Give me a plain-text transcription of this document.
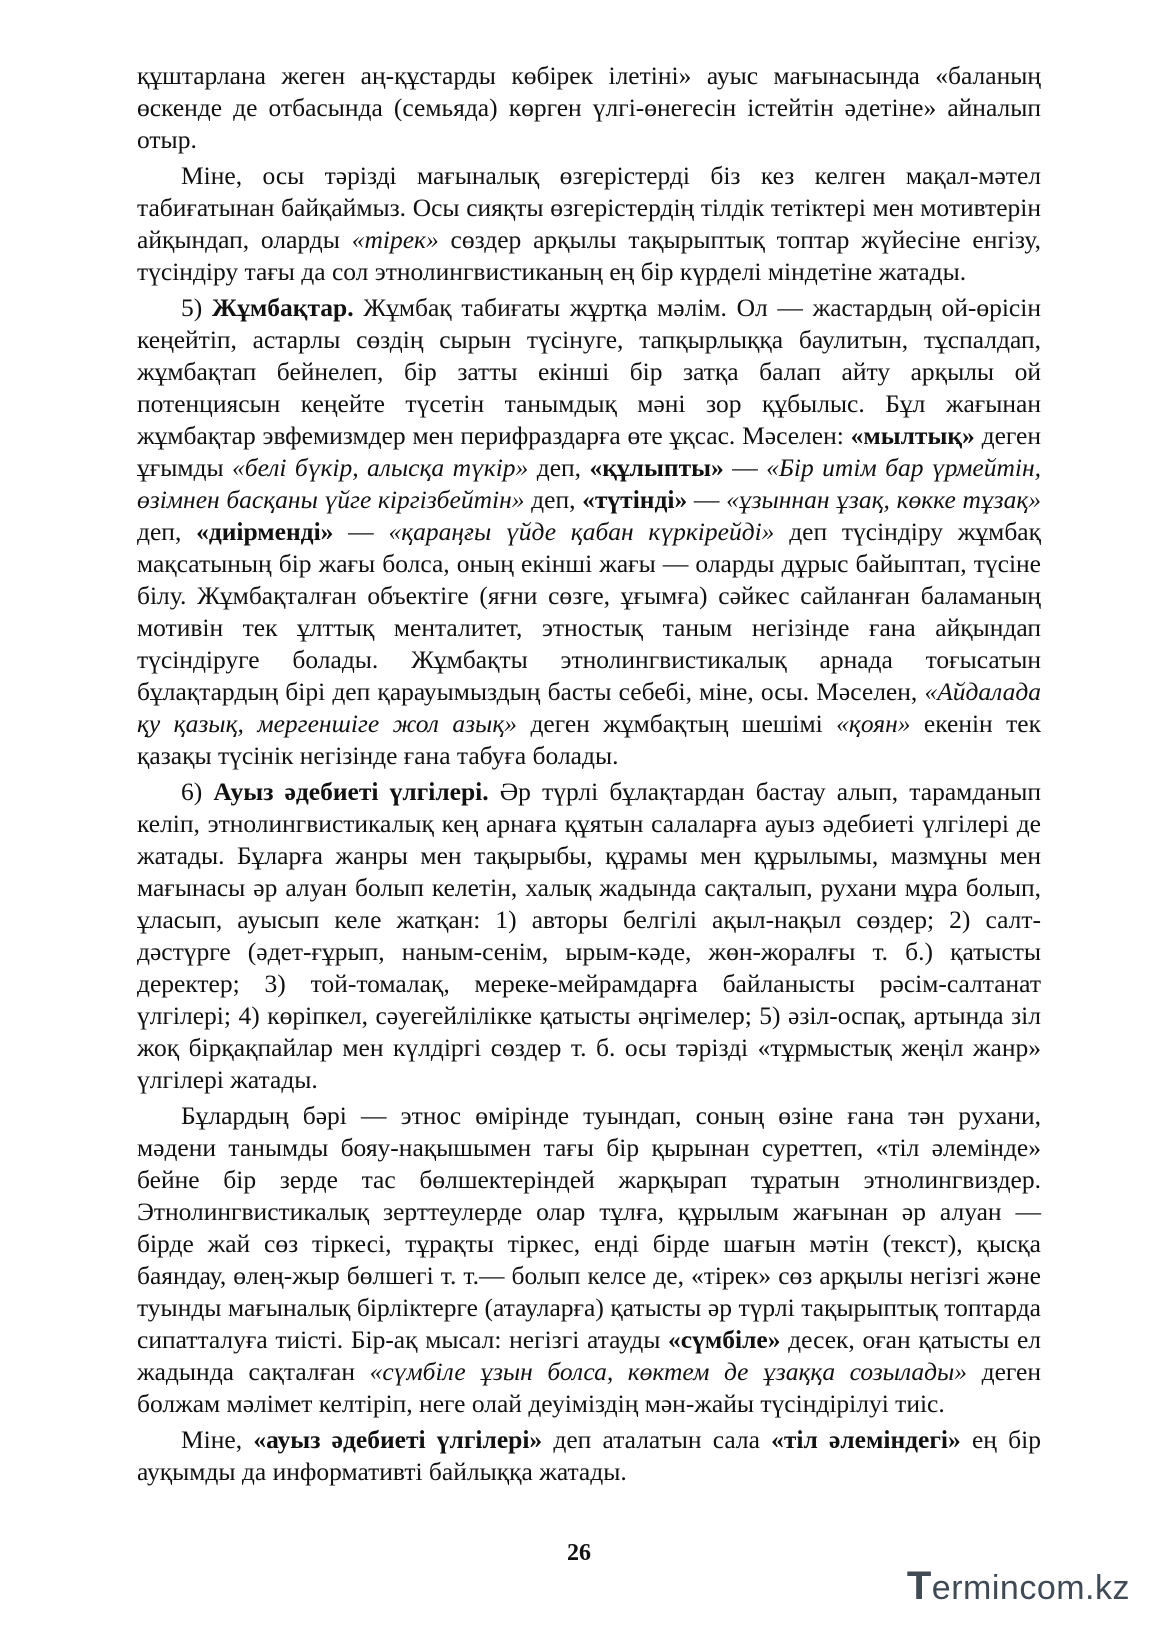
құштарлана жеген аң-құстарды көбірек ілетіні» ауыс мағынасында «баланың өскенде де отбасында (семьяда) көрген үлгі-өнегесін істейтін әдетіне» айналып отыр.

Міне, осы тәрізді мағыналық өзгерістерді біз кез келген мақал-мәтел табиғатынан байқаймыз. Осы сияқты өзгерістердің тілдік тетіктері мен мотивтерін айқындап, оларды «тірек» сөздер арқылы тақырыптық топтар жүйесіне енгізу, түсіндіру тағы да сол этнолингвистиканың ең бір күрделі міндетіне жатады.

5) Жұмбақтар. Жұмбақ табиғаты жұртқа мәлім. Ол — жастардың ой-өрісін кеңейтіп, астарлы сөздің сырын түсінуге, тапқырлыққа баулитын, тұспалдап, жұмбақтап бейнелеп, бір затты екінші бір затқа балап айту арқылы ой потенциясын кеңейте түсетін танымдық мәні зор құбылыс. Бұл жағынан жұмбақтар эвфемизмдер мен перифраздарға өте ұқсас. Мәселен: «мылтық» деген ұғымды «белі бүкір, алысқа түкір» деп, «құлыпты» — «Бір итім бар үрмейтін, өзімнен басқаны үйге кіргізбейтін» деп, «түтінді» — «ұзыннан ұзақ, көкке тұзақ» деп, «диірменді» — «қараңғы үйде қабан күркірейді» деп түсіндіру жұмбақ мақсатының бір жағы болса, оның екінші жағы — оларды дұрыс байыптап, түсіне білу. Жұмбақталған объектіге (яғни сөзге, ұғымға) сәйкес сайланған баламаның мотивін тек ұлттық менталитет, этностық таным негізінде ғана айқындап түсіндіруге болады. Жұмбақты этнолингвистикалық арнада тоғысатын бұлақтардың бірі деп қарауымыздың басты себебі, міне, осы. Мәселен, «Айдалада қу қазық, мергеншіге жол азық» деген жұмбақтың шешімі «қоян» екенін тек қазақы түсінік негізінде ғана табуға болады.

6) Ауыз әдебиеті үлгілері. Әр түрлі бұлақтардан бастау алып, тарамданып келіп, этнолингвистикалық кең арнаға құятын салаларға ауыз әдебиеті үлгілері де жатады. Бұларға жанры мен тақырыбы, құрамы мен құрылымы, мазмұны мен мағынасы әр алуан болып келетін, халық жадында сақталып, рухани мұра болып, ұласып, ауысып келе жатқан: 1) авторы белгілі ақыл-нақыл сөздер; 2) салт-дәстүрге (әдет-ғұрып, наным-сенім, ырым-кәде, жөн-жоралғы т. б.) қатысты деректер; 3) той-томалақ, мереке-мейрамдарға байланысты рәсім-салтанат үлгілері; 4) көріпкел, сәуегейлілікке қатысты әңгімелер; 5) әзіл-оспақ, артында зіл жоқ бірқақпайлар мен күлдіргі сөздер т. б. осы тәрізді «тұрмыстық жеңіл жанр» үлгілері жатады.

Бұлардың бәрі — этнос өмірінде туындап, соның өзіне ғана тән рухани, мәдени танымды бояу-нақышымен тағы бір қырынан суреттеп, «тіл әлемінде» бейне бір зерде тас бөлшектеріндей жарқырап тұратын этнолингвиздер. Этнолингвистикалық зерттеулерде олар тұлға, құрылым жағынан әр алуан — бірде жай сөз тіркесі, тұрақты тіркес, енді бірде шағын мәтін (текст), қысқа баяндау, өлең-жыр бөлшегі т. т.— болып келсе де, «тірек» сөз арқылы негізгі және туынды мағыналық бірліктерге (атауларға) қатысты әр түрлі тақырыптық топтарда сипатталуға тиісті. Бір-ақ мысал: негізгі атауды «сүмбіле» десек, оған қатысты ел жадында сақталған «сүмбіле ұзын болса, көктем де ұзаққа созылады» деген болжам мәлімет келтіріп, неге олай деуіміздің мән-жайы түсіндірілуі тиіс.

Міне, «ауыз әдебиеті үлгілері» деп аталатын сала «тіл әлеміндегі» ең бір ауқымды да информативті байлыққа жатады.

26
Termincom.kz
